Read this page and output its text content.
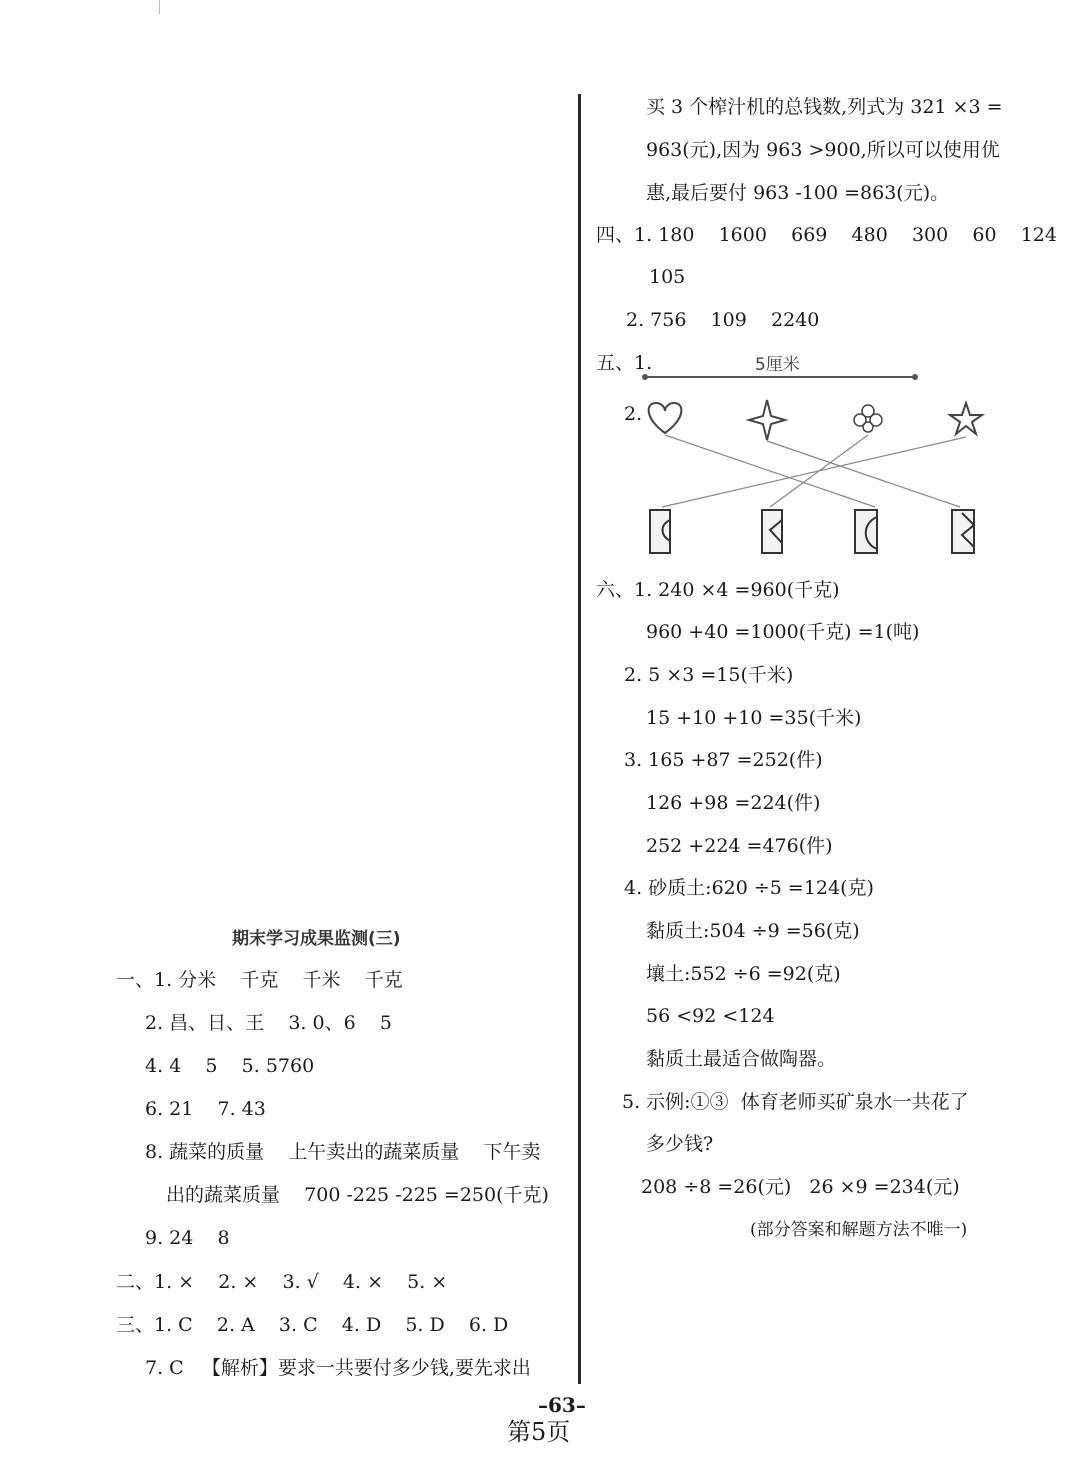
买 3 个榨汁机的总钱数,列式为 321 ×3 =
963(元),因为 963 >900,所以可以使用优
惠,最后要付 963 -100 =863(元)。
四、1. 180    1600    669    480    300    60    124
105
2. 756    109    2240
五、1.	5厘米
2.
六、1. 240 ×4 =960(千克)
960 +40 =1000(千克) =1(吨)
2. 5 ×3 =15(千米)
15 +10 +10 =35(千米)
3. 165 +87 =252(件)
126 +98 =224(件)
252 +224 =476(件)
4. 砂质土:620 ÷5 =124(克)
黏质土:504 ÷9 =56(克)
壤土:552 ÷6 =92(克)
56 <92 <124
黏质土最适合做陶器。
5. 示例:①③  体育老师买矿泉水一共花了
多少钱?
208 ÷8 =26(元)   26 ×9 =234(元)
(部分答案和解题方法不唯一)
期末学习成果监测(三)
一、1. 分米    千克    千米    千克
2. 昌、日、王    3. 0、6    5
4. 4    5    5. 5760
6. 21    7. 43
8. 蔬菜的质量    上午卖出的蔬菜质量    下午卖
出的蔬菜质量    700 -225 -225 =250(千克)
9. 24    8
二、1. ×    2. ×    3. √    4. ×    5. ×
三、1. C    2. A    3. C    4. D    5. D    6. D
7. C   【解析】要求一共要付多少钱,要先求出
–63–
第5页
